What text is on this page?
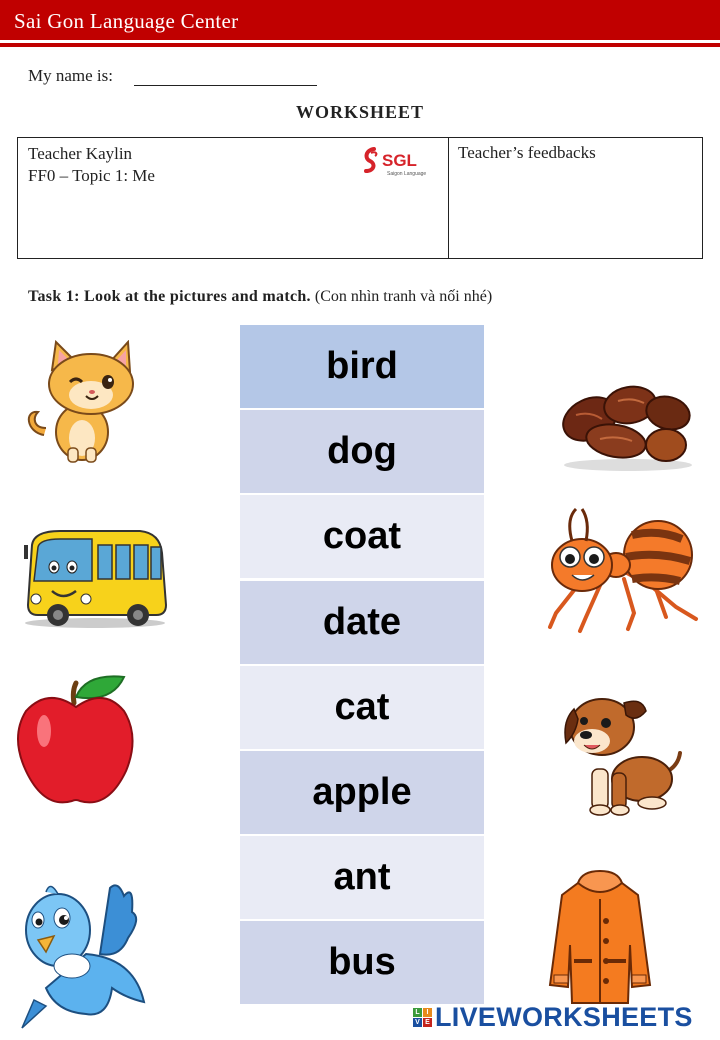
Sai Gon Language Center
My name is:
WORKSHEET
Teacher Kaylin
FF0 – Topic 1: Me
SGL
Saigon Language
Teacher’s feedbacks
Task 1: Look at the pictures and match. (Con nhìn tranh và nối nhé)
bird
dog
coat
date
cat
apple
ant
bus
L I
V E LIVEWORKSHEETS
